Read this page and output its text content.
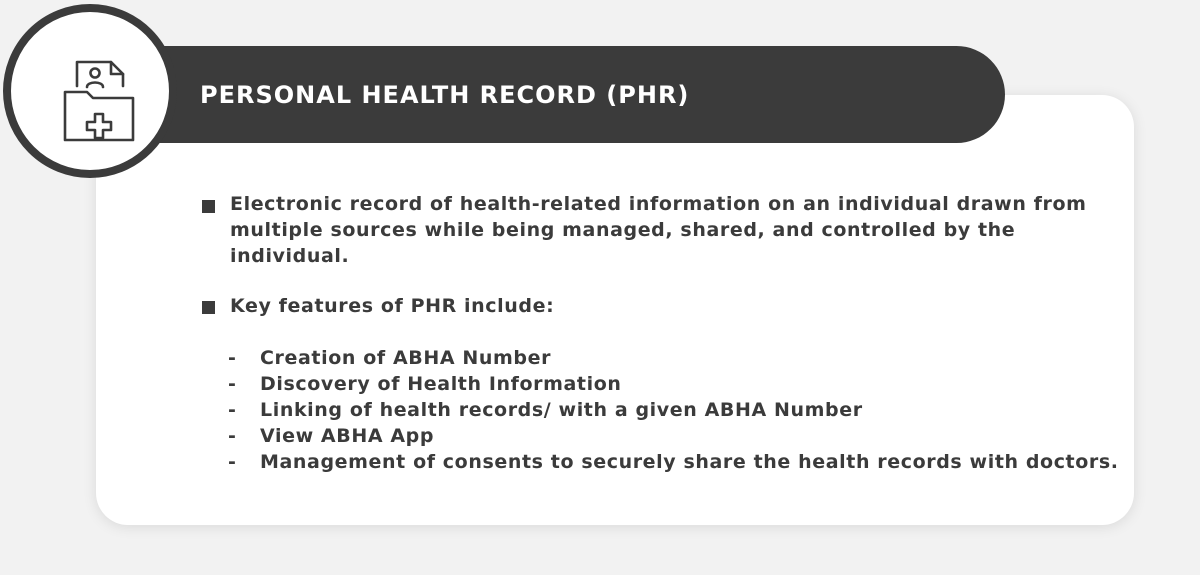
PERSONAL HEALTH RECORD (PHR)

Electronic record of health-related information on an individual drawn from multiple sources while being managed, shared, and controlled by the individual.

Key features of PHR include:

-	Creation of ABHA Number
-	Discovery of Health Information
-	Linking of health records/ with a given ABHA Number
-	View ABHA App
-	Management of consents to securely share the health records with doctors.
